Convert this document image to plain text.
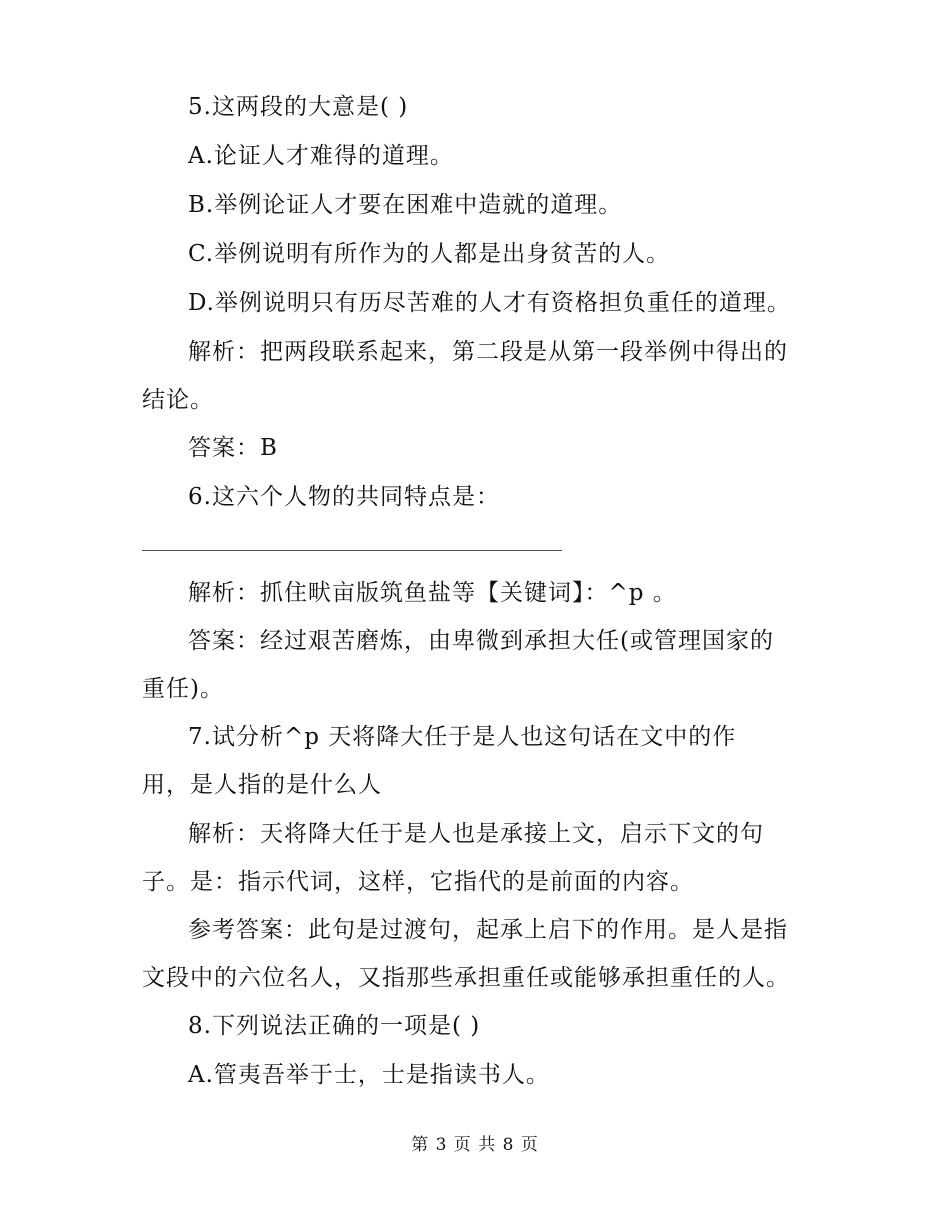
5.这两段的大意是( )
A.论证人才难得的道理。
B.举例论证人才要在困难中造就的道理。
C.举例说明有所作为的人都是出身贫苦的人。
D.举例说明只有历尽苦难的人才有资格担负重任的道理。
解析：把两段联系起来，第二段是从第一段举例中得出的
结论。
答案：B
6.这六个人物的共同特点是：
解析：抓住畎亩版筑鱼盐等【关键词】：^p 。
答案：经过艰苦磨炼，由卑微到承担大任(或管理国家的
重任)。
7.试分析^p 天将降大任于是人也这句话在文中的作
用，是人指的是什么人
解析：天将降大任于是人也是承接上文，启示下文的句
子。是：指示代词，这样，它指代的是前面的内容。
参考答案：此句是过渡句，起承上启下的作用。是人是指
文段中的六位名人，又指那些承担重任或能够承担重任的人。
8.下列说法正确的一项是( )
A.管夷吾举于士，士是指读书人。
第 3 页 共 8 页
